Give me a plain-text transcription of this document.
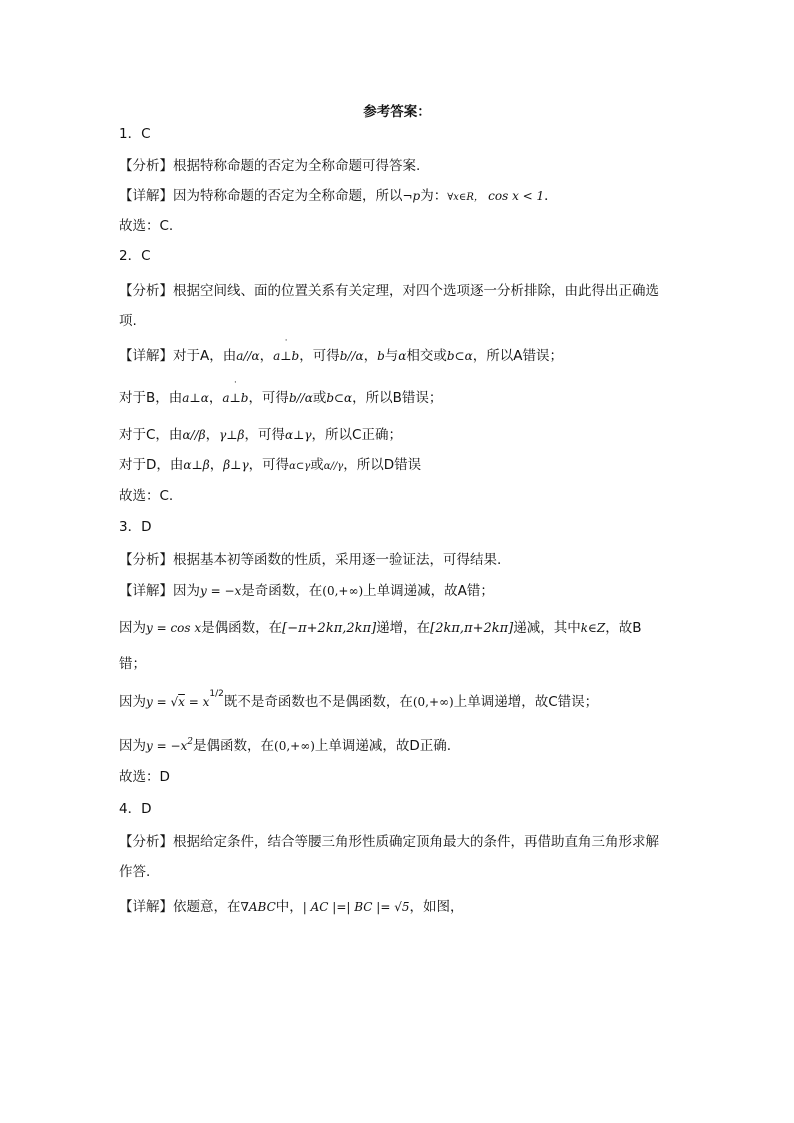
参考答案：
1．C
【分析】根据特称命题的否定为全称命题可得答案.
【详解】因为特称命题的否定为全称命题，所以¬p为：∀x∈R， cos x < 1．
故选：C.
2．C
【分析】根据空间线、面的位置关系有关定理，对四个选项逐一分析排除，由此得出正确选
项.
【详解】对于A，由a//α，˙ a⊥b，可得b//α，b与α相交或b⊂α，所以A错误；
对于B，由a⊥α，˙ a⊥b，可得b//α或b⊂α，所以B错误；
对于C，由α//β，γ⊥β，可得α⊥γ，所以C正确；
对于D，由α⊥β，β⊥γ，可得α⊂γ或α//γ，所以D错误
故选：C.
3．D
【分析】根据基本初等函数的性质，采用逐一验证法，可得结果.
【详解】因为y = −x是奇函数，在(0,+∞)上单调递减，故A错；
因为y = cos x是偶函数，在[−π+2kπ,2kπ]递增，在[2kπ,π+2kπ]递减，其中k∈Z，故B
错；
因为y = √x = x1/2既不是奇函数也不是偶函数，在(0,+∞)上单调递增，故C错误；
因为$y = -x^2$是偶函数，在(0,+∞)上单调递减，故D正确.
故选：D
4．D
【分析】根据给定条件，结合等腰三角形性质确定顶角最大的条件，再借助直角三角形求解
作答.
【详解】依题意，在∇ABC中，| AC |=| BC |= √5，如图，
